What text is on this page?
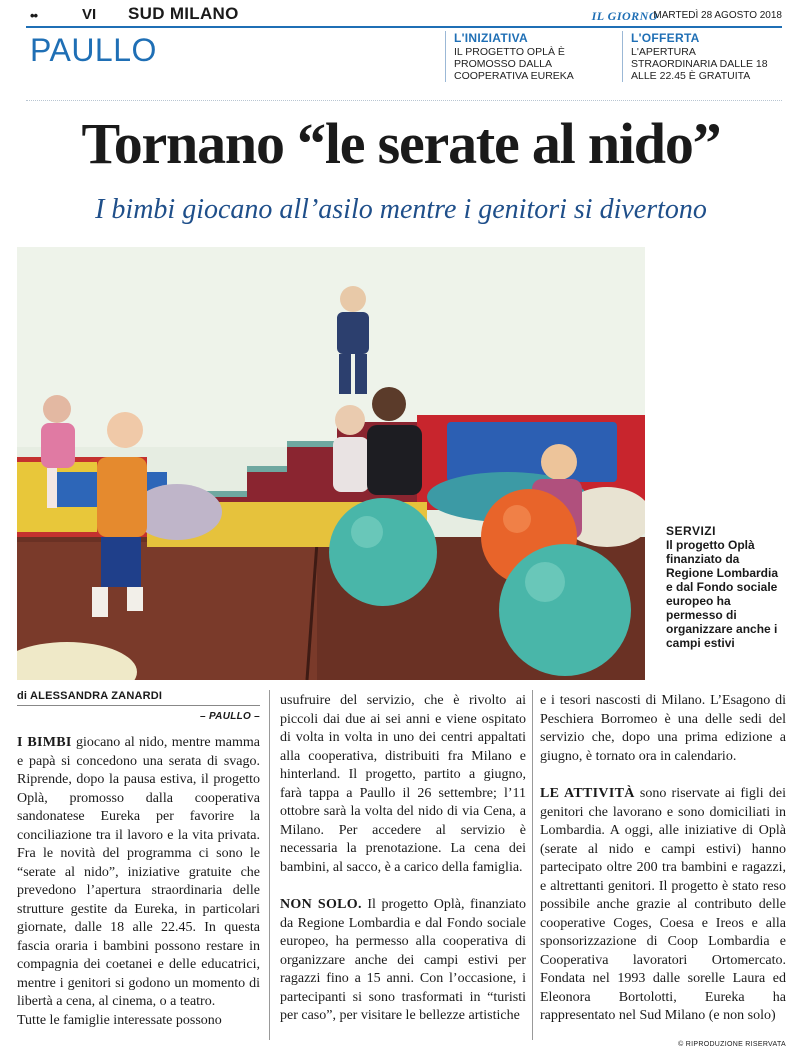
••	VI SUD MILANO	IL GIORNO
MARTEDÌ 28 AGOSTO 2018
PAULLO	L'INIZIATIVA
IL PROGETTO OPLÀ È PROMOSSO DALLA COOPERATIVA EUREKA
L'OFFERTA
L'APERTURA STRAORDINARIA DALLE 18 ALLE 22.45 È GRATUITA
Tornano “le serate al nido”
I bimbi giocano all’asilo mentre i genitori si divertono
SERVIZI
Il progetto Oplà finanziato da Regione Lombardia e dal Fondo sociale europeo ha permesso di organizzare anche i campi estivi
di ALESSANDRA ZANARDI
– PAULLO –

I BIMBI giocano al nido, mentre mamma e papà si concedono una serata di svago. Riprende, dopo la pausa estiva, il progetto Oplà, promosso dalla cooperativa sandonatese Eureka per favorire la conciliazione tra il lavoro e la vita privata. Fra le novità del programma ci sono le “serate al nido”, iniziative gratuite che prevedono l’apertura straordinaria delle strutture gestite da Eureka, in particolari giornate, dalle 18 alle 22.45. In questa fascia oraria i bambini possono restare in compagnia dei coetanei e delle educatrici, mentre i genitori si godono un momento di libertà a cena, al cinema, o a teatro.

Tutte le famiglie interessate possono

usufruire del servizio, che è rivolto ai piccoli dai due ai sei anni e viene ospitato di volta in volta in uno dei centri appaltati alla cooperativa, distribuiti fra Milano e hinterland. Il progetto, partito a giugno, farà tappa a Paullo il 26 settembre; l’11 ottobre sarà la volta del nido di via Cena, a Milano. Per accedere al servizio è necessaria la prenotazione. La cena dei bambini, al sacco, è a carico della famiglia.

NON SOLO. Il progetto Oplà, finanziato da Regione Lombardia e dal Fondo sociale europeo, ha permesso alla cooperativa di organizzare anche dei campi estivi per ragazzi fino a 15 anni. Con l’occasione, i partecipanti si sono trasformati in “turisti per caso”, per visitare le bellezze artistiche

e i tesori nascosti di Milano. L’Esagono di Peschiera Borromeo è una delle sedi del servizio che, dopo una prima edizione a giugno, è tornato ora in calendario.

LE ATTIVITÀ sono riservate ai figli dei genitori che lavorano e sono domiciliati in Lombardia. A oggi, alle iniziative di Oplà (serate al nido e campi estivi) hanno partecipato oltre 200 tra bambini e ragazzi, e altrettanti genitori. Il progetto è stato reso possibile anche grazie al contributo delle cooperative Coges, Coesa e Ireos e alla sponsorizzazione di Coop Lombardia e Cooperativa lavoratori Ortomercato. Fondata nel 1993 dalle sorelle Laura ed Eleonora Bortolotti, Eureka ha rappresentato nel Sud Milano (e non solo)

© RIPRODUZIONE RISERVATA
